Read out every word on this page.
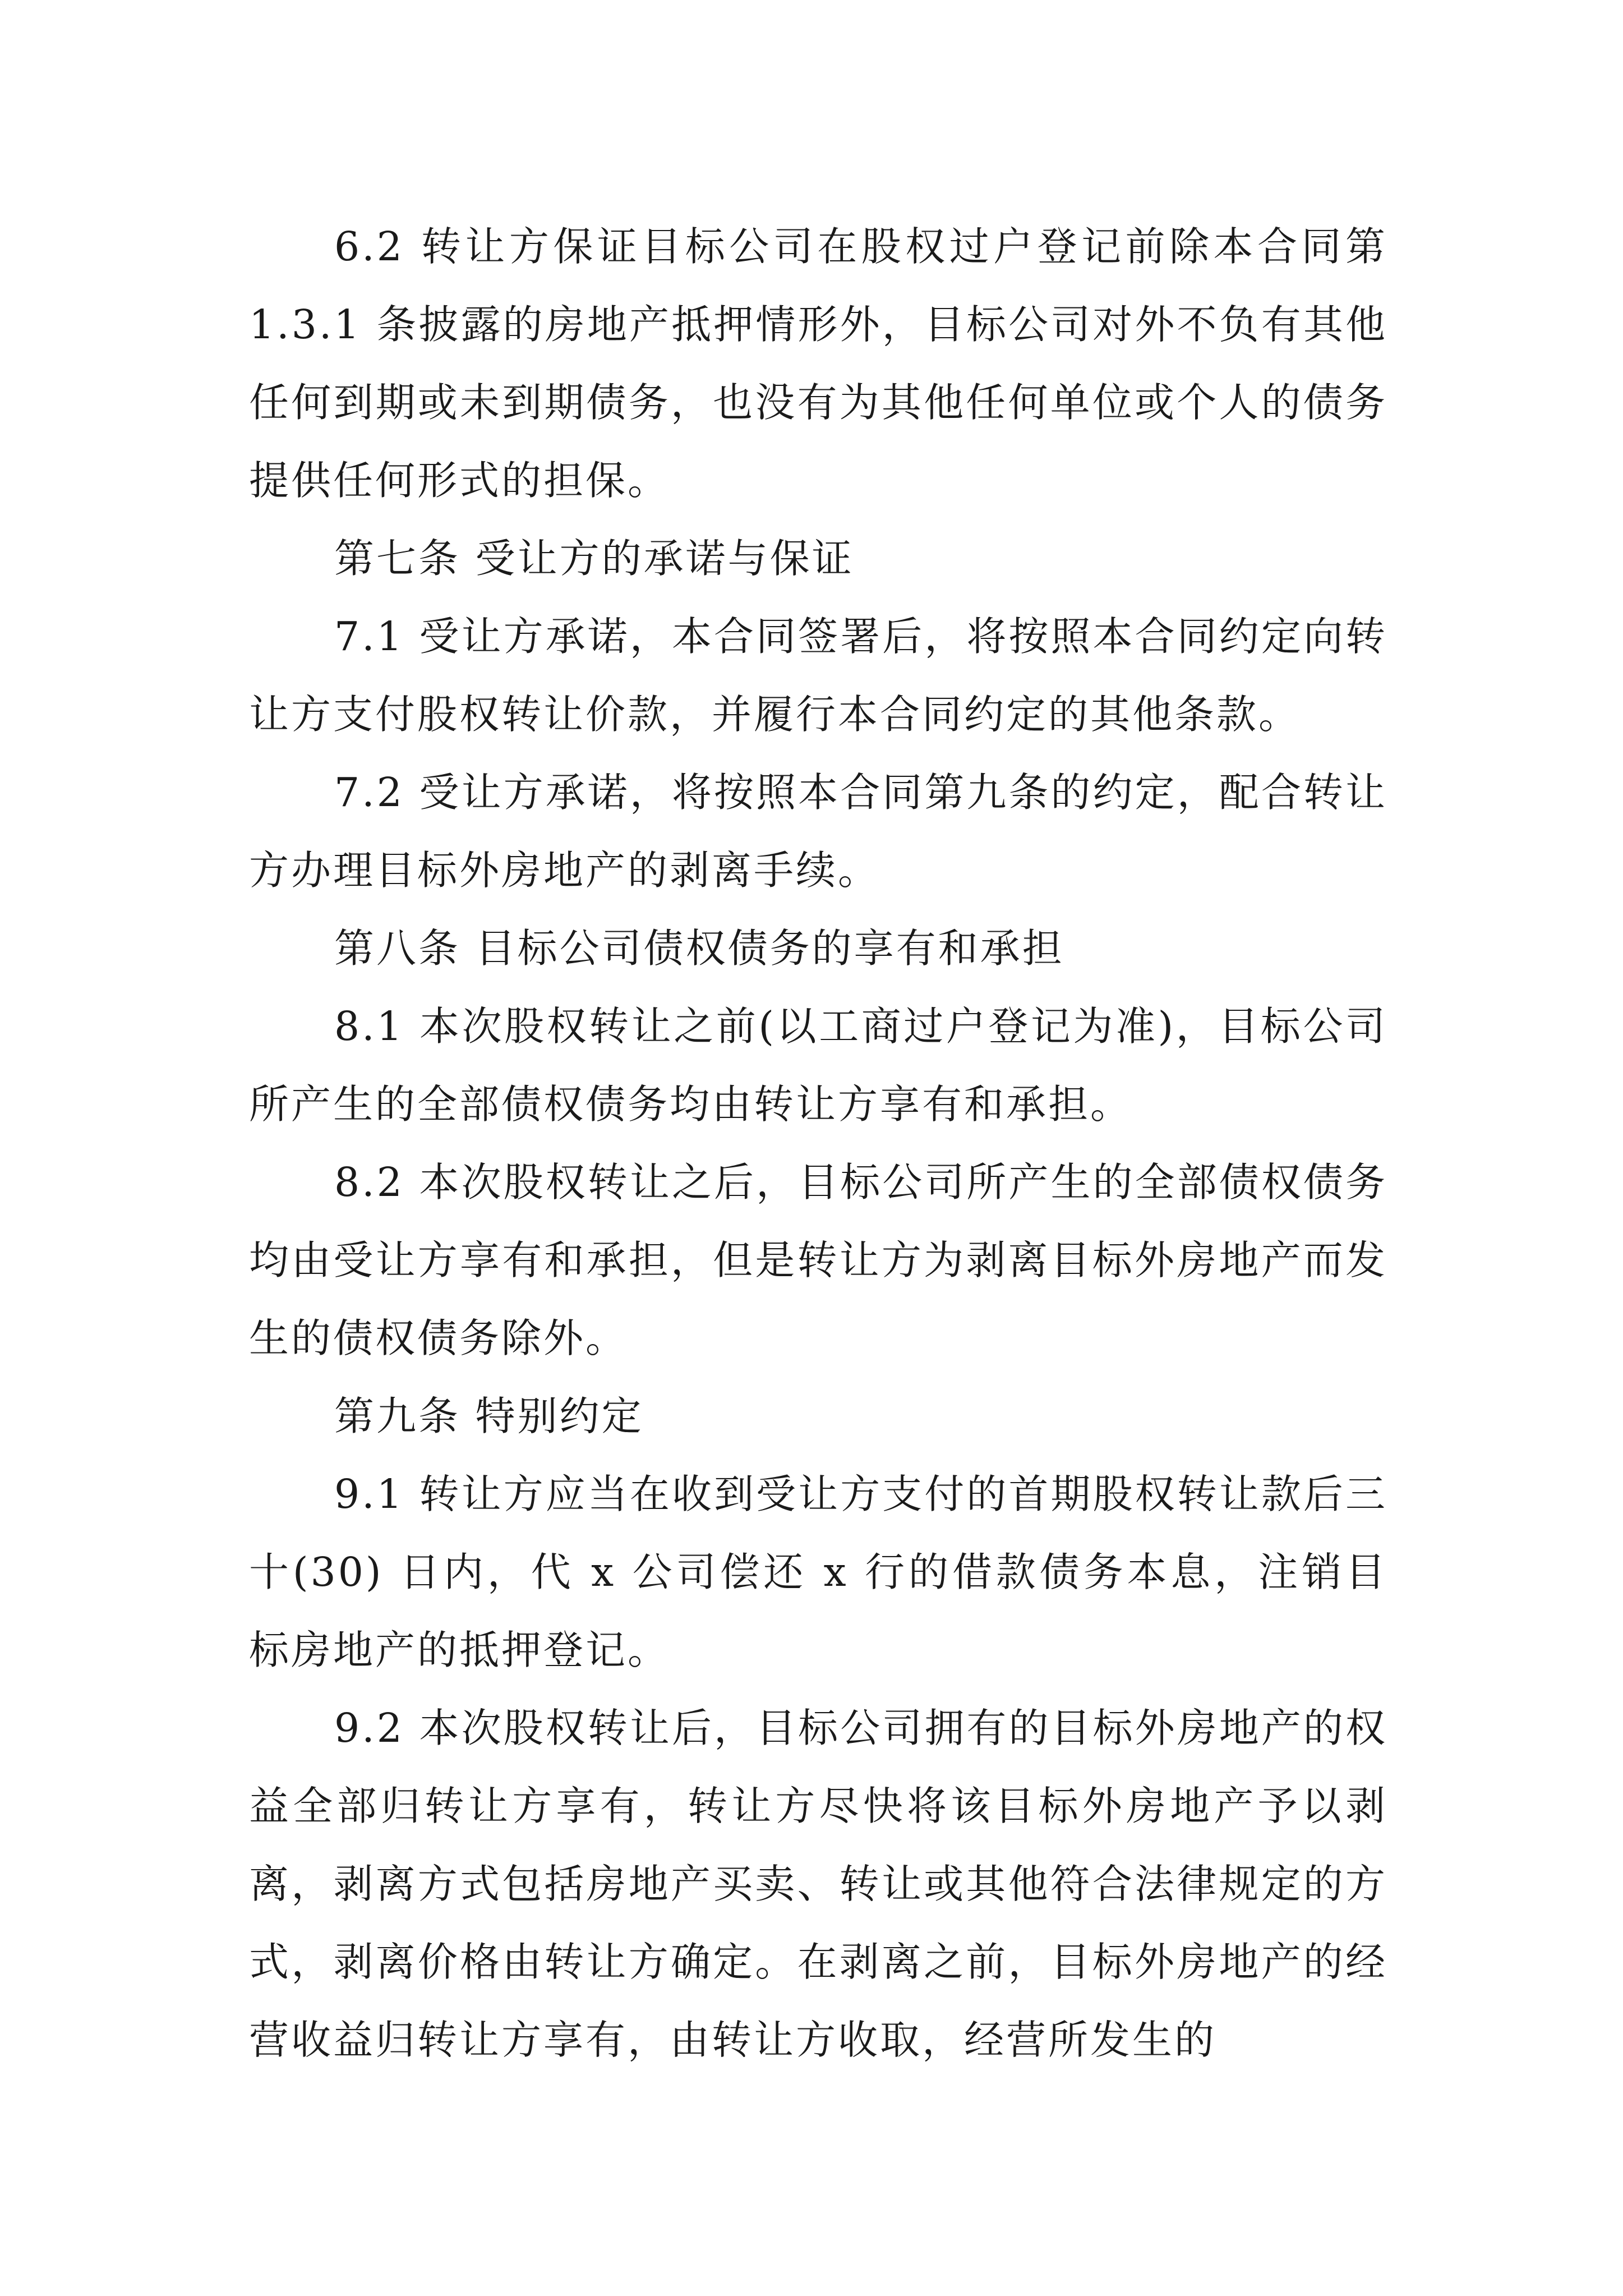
6.2 转让方保证目标公司在股权过户登记前除本合同第 1.3.1 条披露的房地产抵押情形外，目标公司对外不负有其他任何到期或未到期债务，也没有为其他任何单位或个人的债务提供任何形式的担保。

第七条 受让方的承诺与保证

7.1 受让方承诺，本合同签署后，将按照本合同约定向转让方支付股权转让价款，并履行本合同约定的其他条款。

7.2 受让方承诺，将按照本合同第九条的约定，配合转让方办理目标外房地产的剥离手续。

第八条 目标公司债权债务的享有和承担

8.1 本次股权转让之前(以工商过户登记为准)，目标公司所产生的全部债权债务均由转让方享有和承担。

8.2 本次股权转让之后，目标公司所产生的全部债权债务均由受让方享有和承担，但是转让方为剥离目标外房地产而发生的债权债务除外。

第九条 特别约定

9.1 转让方应当在收到受让方支付的首期股权转让款后三十(30) 日内，代 x 公司偿还 x 行的借款债务本息，注销目标房地产的抵押登记。

9.2 本次股权转让后，目标公司拥有的目标外房地产的权益全部归转让方享有，转让方尽快将该目标外房地产予以剥离，剥离方式包括房地产买卖、转让或其他符合法律规定的方式，剥离价格由转让方确定。在剥离之前，目标外房地产的经营收益归转让方享有，由转让方收取，经营所发生的
